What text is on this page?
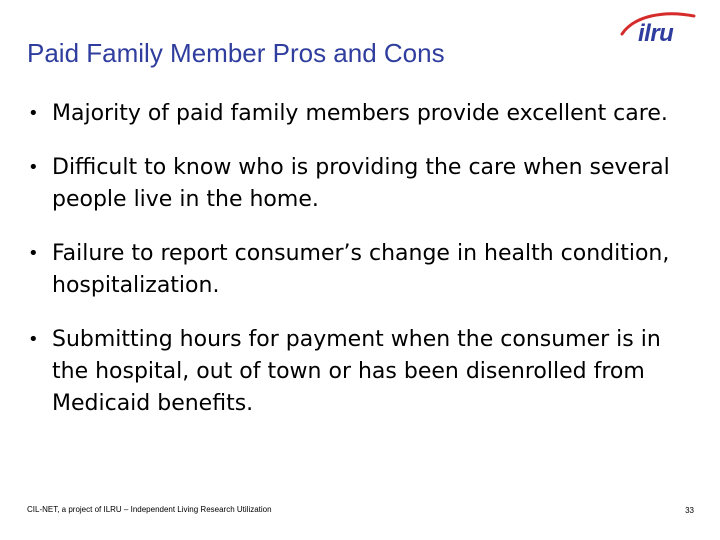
Paid Family Member Pros and Cons
ilru
• Majority of paid family members provide excellent care.
• Difficult to know who is providing the care when several people live in the home.
• Failure to report consumer’s change in health condition, hospitalization.
• Submitting hours for payment when the consumer is in the hospital, out of town or has been disenrolled from Medicaid benefits.
CIL-NET, a project of ILRU – Independent Living Research Utilization	33
